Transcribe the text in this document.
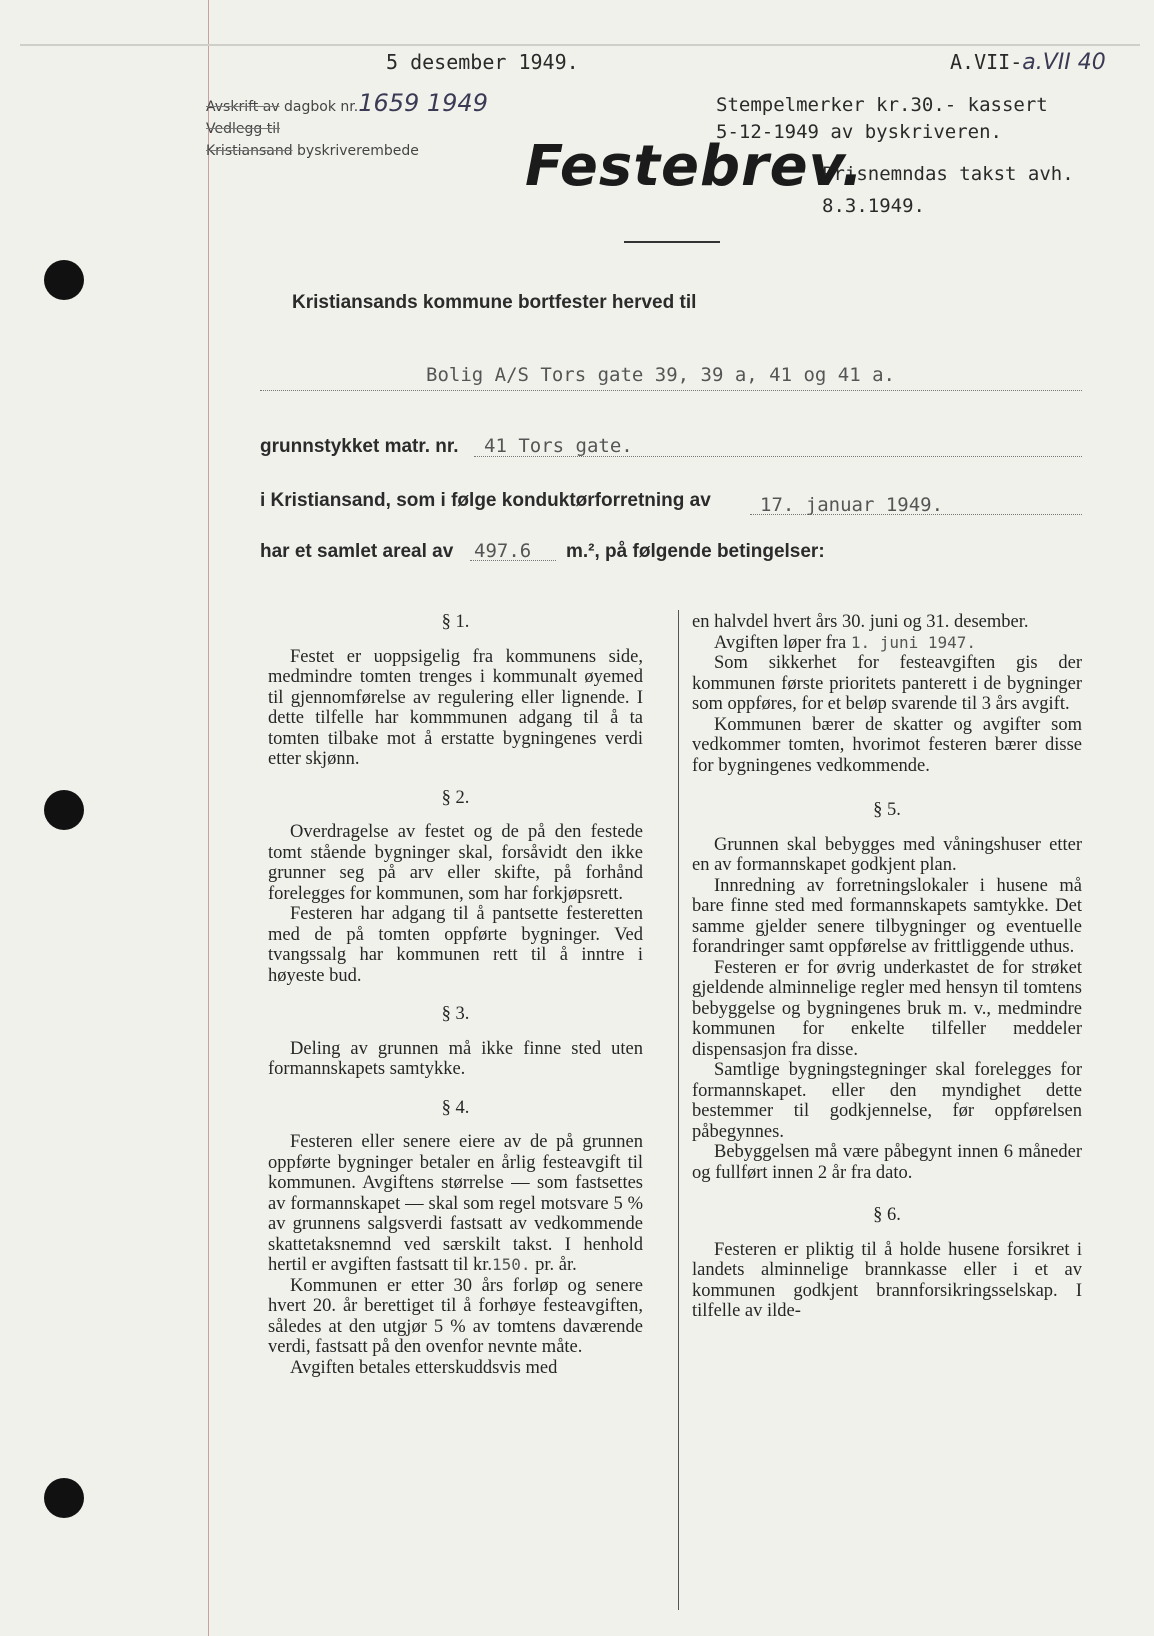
5 desember 1949.	A.VII-a.VII 40
Avskrift av dagbok nr.1659 1949
Vedlegg til
Kristiansand byskriverembede
Stempelmerker kr.30.- kassert
5-12-1949 av byskriveren.
Prisnemndas takst avh.
8.3.1949.
Festebrev.
Kristiansands kommune bortfester herved til
Bolig A/S Tors gate 39, 39 a, 41 og 41 a.
grunnstykket matr. nr. 41 Tors gate.
i Kristiansand, som i følge konduktørforretning av	17. januar 1949.
har et samlet areal av 497.6 m.², på følgende betingelser:

§ 1.

Festet er uoppsigelig fra kommunens side, medmindre tomten trenges i kommunalt øyemed til gjennomførelse av regulering eller lignende. I dette tilfelle har kommmunen adgang til å ta tomten tilbake mot å erstatte bygningenes verdi etter skjønn.

§ 2.

Overdragelse av festet og de på den festede tomt stående bygninger skal, forsåvidt den ikke grunner seg på arv eller skifte, på forhånd forelegges for kommunen, som har forkjøpsrett.

Festeren har adgang til å pantsette festeretten med de på tomten oppførte bygninger. Ved tvangssalg har kommunen rett til å inntre i høyeste bud.

§ 3.

Deling av grunnen må ikke finne sted uten formannskapets samtykke.

§ 4.

Festeren eller senere eiere av de på grunnen oppførte bygninger betaler en årlig festeavgift til kommunen. Avgiftens størrelse — som fastsettes av formannskapet — skal som regel motsvare 5 % av grunnens salgsverdi fastsatt av vedkommende skattetaksnemnd ved særskilt takst. I henhold hertil er avgiften fastsatt til kr.150. pr. år.

Kommunen er etter 30 års forløp og senere hvert 20. år berettiget til å forhøye festeavgiften, således at den utgjør 5 % av tomtens daværende verdi, fastsatt på den ovenfor nevnte måte.

Avgiften betales etterskuddsvis med

en halvdel hvert års 30. juni og 31. desember.

Avgiften løper fra 1. juni 1947.

Som sikkerhet for festeavgiften gis der kommunen første prioritets panterett i de bygninger som oppføres, for et beløp svarende til 3 års avgift.

Kommunen bærer de skatter og avgifter som vedkommer tomten, hvorimot festeren bærer disse for bygningenes vedkommende.

§ 5.

Grunnen skal bebygges med våningshuser etter en av formannskapet godkjent plan.

Innredning av forretningslokaler i husene må bare finne sted med formannskapets samtykke. Det samme gjelder senere tilbygninger og eventuelle forandringer samt oppførelse av frittliggende uthus.

Festeren er for øvrig underkastet de for strøket gjeldende alminnelige regler med hensyn til tomtens bebyggelse og bygningenes bruk m. v., medmindre kommunen for enkelte tilfeller meddeler dispensasjon fra disse.

Samtlige bygningstegninger skal forelegges for formannskapet. eller den myndighet dette bestemmer til godkjennelse, før oppførelsen påbegynnes.

Bebyggelsen må være påbegynt innen 6 måneder og fullført innen 2 år fra dato.

§ 6.

Festeren er pliktig til å holde husene forsikret i landets alminnelige brannkasse eller i et av kommunen godkjent brannforsikringsselskap. I tilfelle av ilde-
